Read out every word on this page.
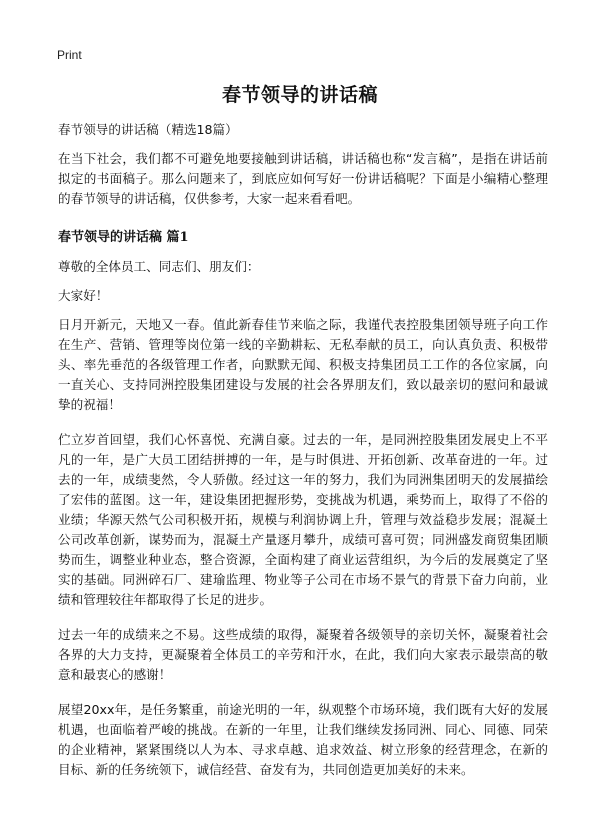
Print
春节领导的讲话稿

春节领导的讲话稿（精选18篇）

在当下社会，我们都不可避免地要接触到讲话稿，讲话稿也称“发言稿”，是指在讲话前拟定的书面稿子。那么问题来了，到底应如何写好一份讲话稿呢？下面是小编精心整理的春节领导的讲话稿，仅供参考，大家一起来看看吧。

春节领导的讲话稿 篇1

尊敬的全体员工、同志们、朋友们：

大家好！

日月开新元，天地又一春。值此新春佳节来临之际，我谨代表控股集团领导班子向工作在生产、营销、管理等岗位第一线的辛勤耕耘、无私奉献的员工，向认真负责、积极带头、率先垂范的各级管理工作者，向默默无闻、积极支持集团员工工作的各位家属，向一直关心、支持同洲控股集团建设与发展的社会各界朋友们，致以最亲切的慰问和最诚挚的祝福！

伫立岁首回望，我们心怀喜悦、充满自豪。过去的一年，是同洲控股集团发展史上不平凡的一年，是广大员工团结拼搏的一年，是与时俱进、开拓创新、改革奋进的一年。过去的一年，成绩斐然，令人骄傲。经过这一年的努力，我们为同洲集团明天的发展描绘了宏伟的蓝图。这一年，建设集团把握形势，变挑战为机遇，乘势而上，取得了不俗的业绩；华源天然气公司积极开拓，规模与利润协调上升，管理与效益稳步发展；混凝土公司改革创新，谋势而为，混凝土产量逐月攀升，成绩可喜可贺；同洲盛发商贸集团顺势而生，调整业种业态，整合资源，全面构建了商业运营组织，为今后的发展奠定了坚实的基础。同洲碎石厂、建瑜监理、物业等子公司在市场不景气的背景下奋力向前，业绩和管理较往年都取得了长足的进步。

过去一年的成绩来之不易。这些成绩的取得，凝聚着各级领导的亲切关怀，凝聚着社会各界的大力支持，更凝聚着全体员工的辛劳和汗水，在此，我们向大家表示最崇高的敬意和最衷心的感谢！

展望20xx年，是任务繁重，前途光明的一年，纵观整个市场环境，我们既有大好的发展机遇，也面临着严峻的挑战。在新的一年里，让我们继续发扬同洲、同心、同德、同荣的企业精神，紧紧围绕以人为本、寻求卓越、追求效益、树立形象的经营理念，在新的目标、新的任务统领下，诚信经营、奋发有为，共同创造更加美好的未来。
